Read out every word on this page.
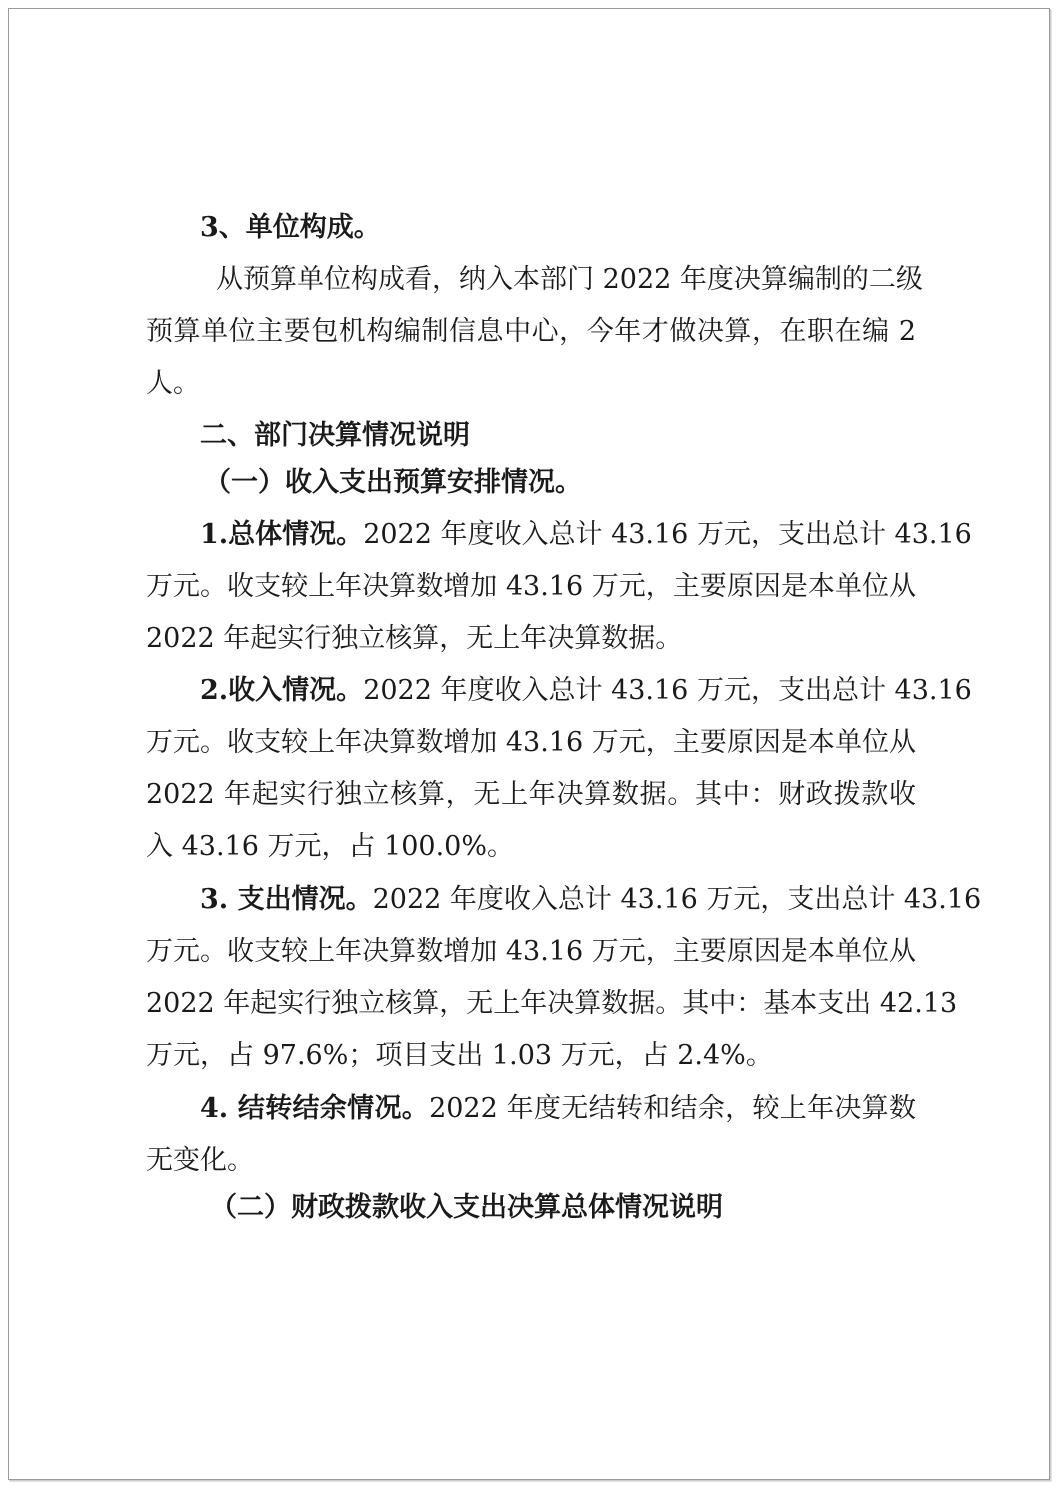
3、单位构成。
从预算单位构成看，纳入本部门 2022 年度决算编制的二级
预算单位主要包机构编制信息中心，今年才做决算，在职在编 2
人。
二、部门决算情况说明
（一）收入支出预算安排情况。
1.总体情况。2022 年度收入总计 43.16 万元，支出总计 43.16
万元。收支较上年决算数增加 43.16 万元，主要原因是本单位从
2022 年起实行独立核算，无上年决算数据。
2.收入情况。2022 年度收入总计 43.16 万元，支出总计 43.16
万元。收支较上年决算数增加 43.16 万元，主要原因是本单位从
2022 年起实行独立核算，无上年决算数据。其中：财政拨款收
入 43.16 万元，占 100.0%。
3. 支出情况。2022 年度收入总计 43.16 万元，支出总计 43.16
万元。收支较上年决算数增加 43.16 万元，主要原因是本单位从
2022 年起实行独立核算，无上年决算数据。其中：基本支出 42.13
万元，占 97.6%；项目支出 1.03 万元，占 2.4%。
4. 结转结余情况。2022 年度无结转和结余，较上年决算数
无变化。
（二）财政拨款收入支出决算总体情况说明
